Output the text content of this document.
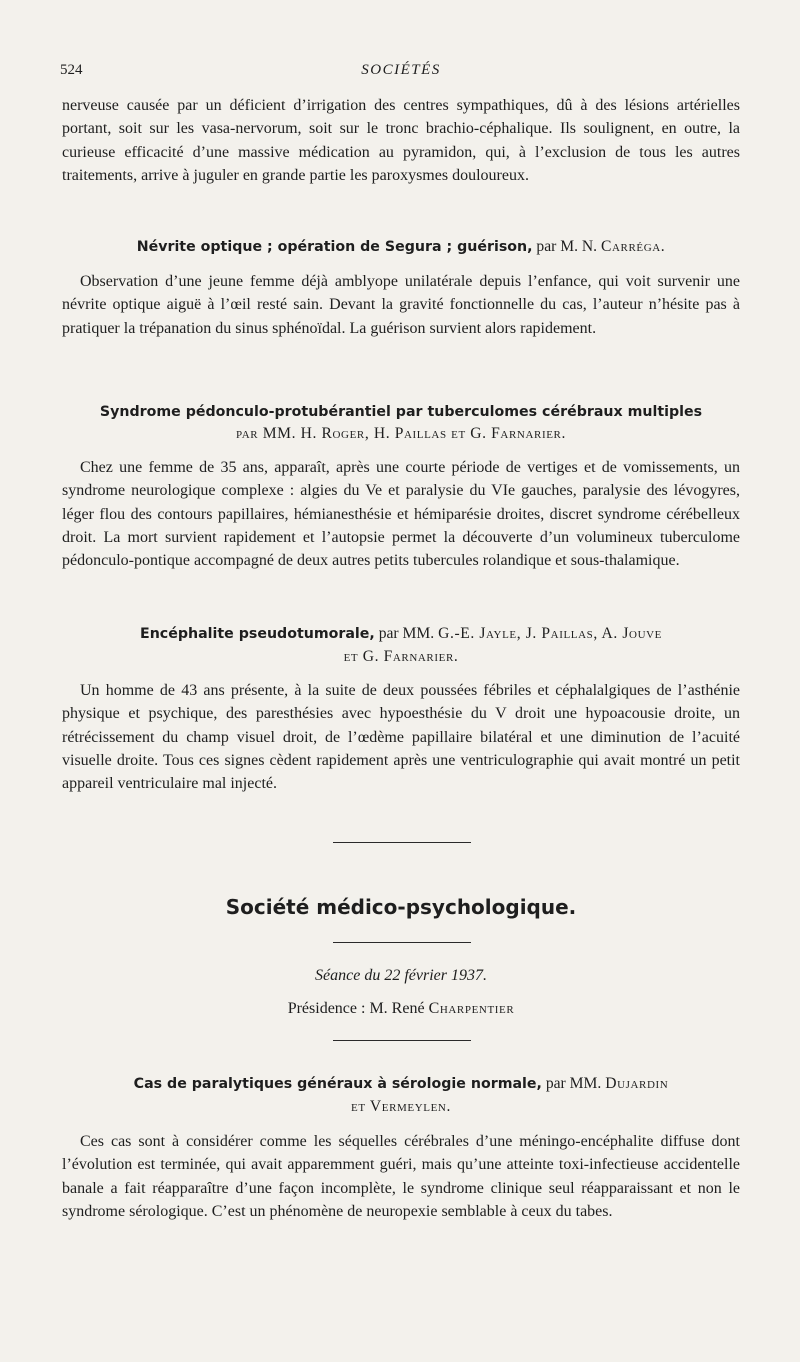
524	SOCIÉTÉS

nerveuse causée par un déficient d’irrigation des centres sympathiques, dû à des lésions artérielles portant, soit sur les vasa-nervorum, soit sur le tronc brachio-céphalique. Ils soulignent, en outre, la curieuse efficacité d’une massive médication au pyramidon, qui, à l’exclusion de tous les autres traitements, arrive à juguler en grande partie les paroxysmes douloureux.

Névrite optique ; opération de Segura ; guérison, par M. N. Carréga.

Observation d’une jeune femme déjà amblyope unilatérale depuis l’enfance, qui voit survenir une névrite optique aiguë à l’œil resté sain. Devant la gravité fonctionnelle du cas, l’auteur n’hésite pas à pratiquer la trépanation du sinus sphénoïdal. La guérison survient alors rapidement.

Syndrome pédonculo-protubérantiel par tuberculomes cérébraux multiples

par MM. H. Roger, H. Paillas et G. Farnarier.

Chez une femme de 35 ans, apparaît, après une courte période de vertiges et de vomissements, un syndrome neurologique complexe : algies du Ve et paralysie du VIe gauches, paralysie des lévogyres, léger flou des contours papillaires, hémianesthésie et hémiparésie droites, discret syndrome cérébelleux droit. La mort survient rapidement et l’autopsie permet la découverte d’un volumineux tuberculome pédonculo-pontique accompagné de deux autres petits tubercules rolandique et sous-thalamique.

Encéphalite pseudotumorale, par MM. G.-E. Jayle, J. Paillas, A. Jouve

et G. Farnarier.

Un homme de 43 ans présente, à la suite de deux poussées fébriles et céphalalgiques de l’asthénie physique et psychique, des paresthésies avec hypoesthésie du V droit une hypoacousie droite, un rétrécissement du champ visuel droit, de l’œdème papillaire bilatéral et une diminution de l’acuité visuelle droite. Tous ces signes cèdent rapidement après une ventriculographie qui avait montré un petit appareil ventriculaire mal injecté.

Société médico-psychologique.

Séance du 22 février 1937.

Présidence : M. René Charpentier

Cas de paralytiques généraux à sérologie normale, par MM. Dujardin

et Vermeylen.

Ces cas sont à considérer comme les séquelles cérébrales d’une méningo-encéphalite diffuse dont l’évolution est terminée, qui avait apparemment guéri, mais qu’une atteinte toxi-infectieuse accidentelle banale a fait réapparaître d’une façon incomplète, le syndrome clinique seul réapparaissant et non le syndrome sérologique. C’est un phénomène de neuropexie semblable à ceux du tabes.
